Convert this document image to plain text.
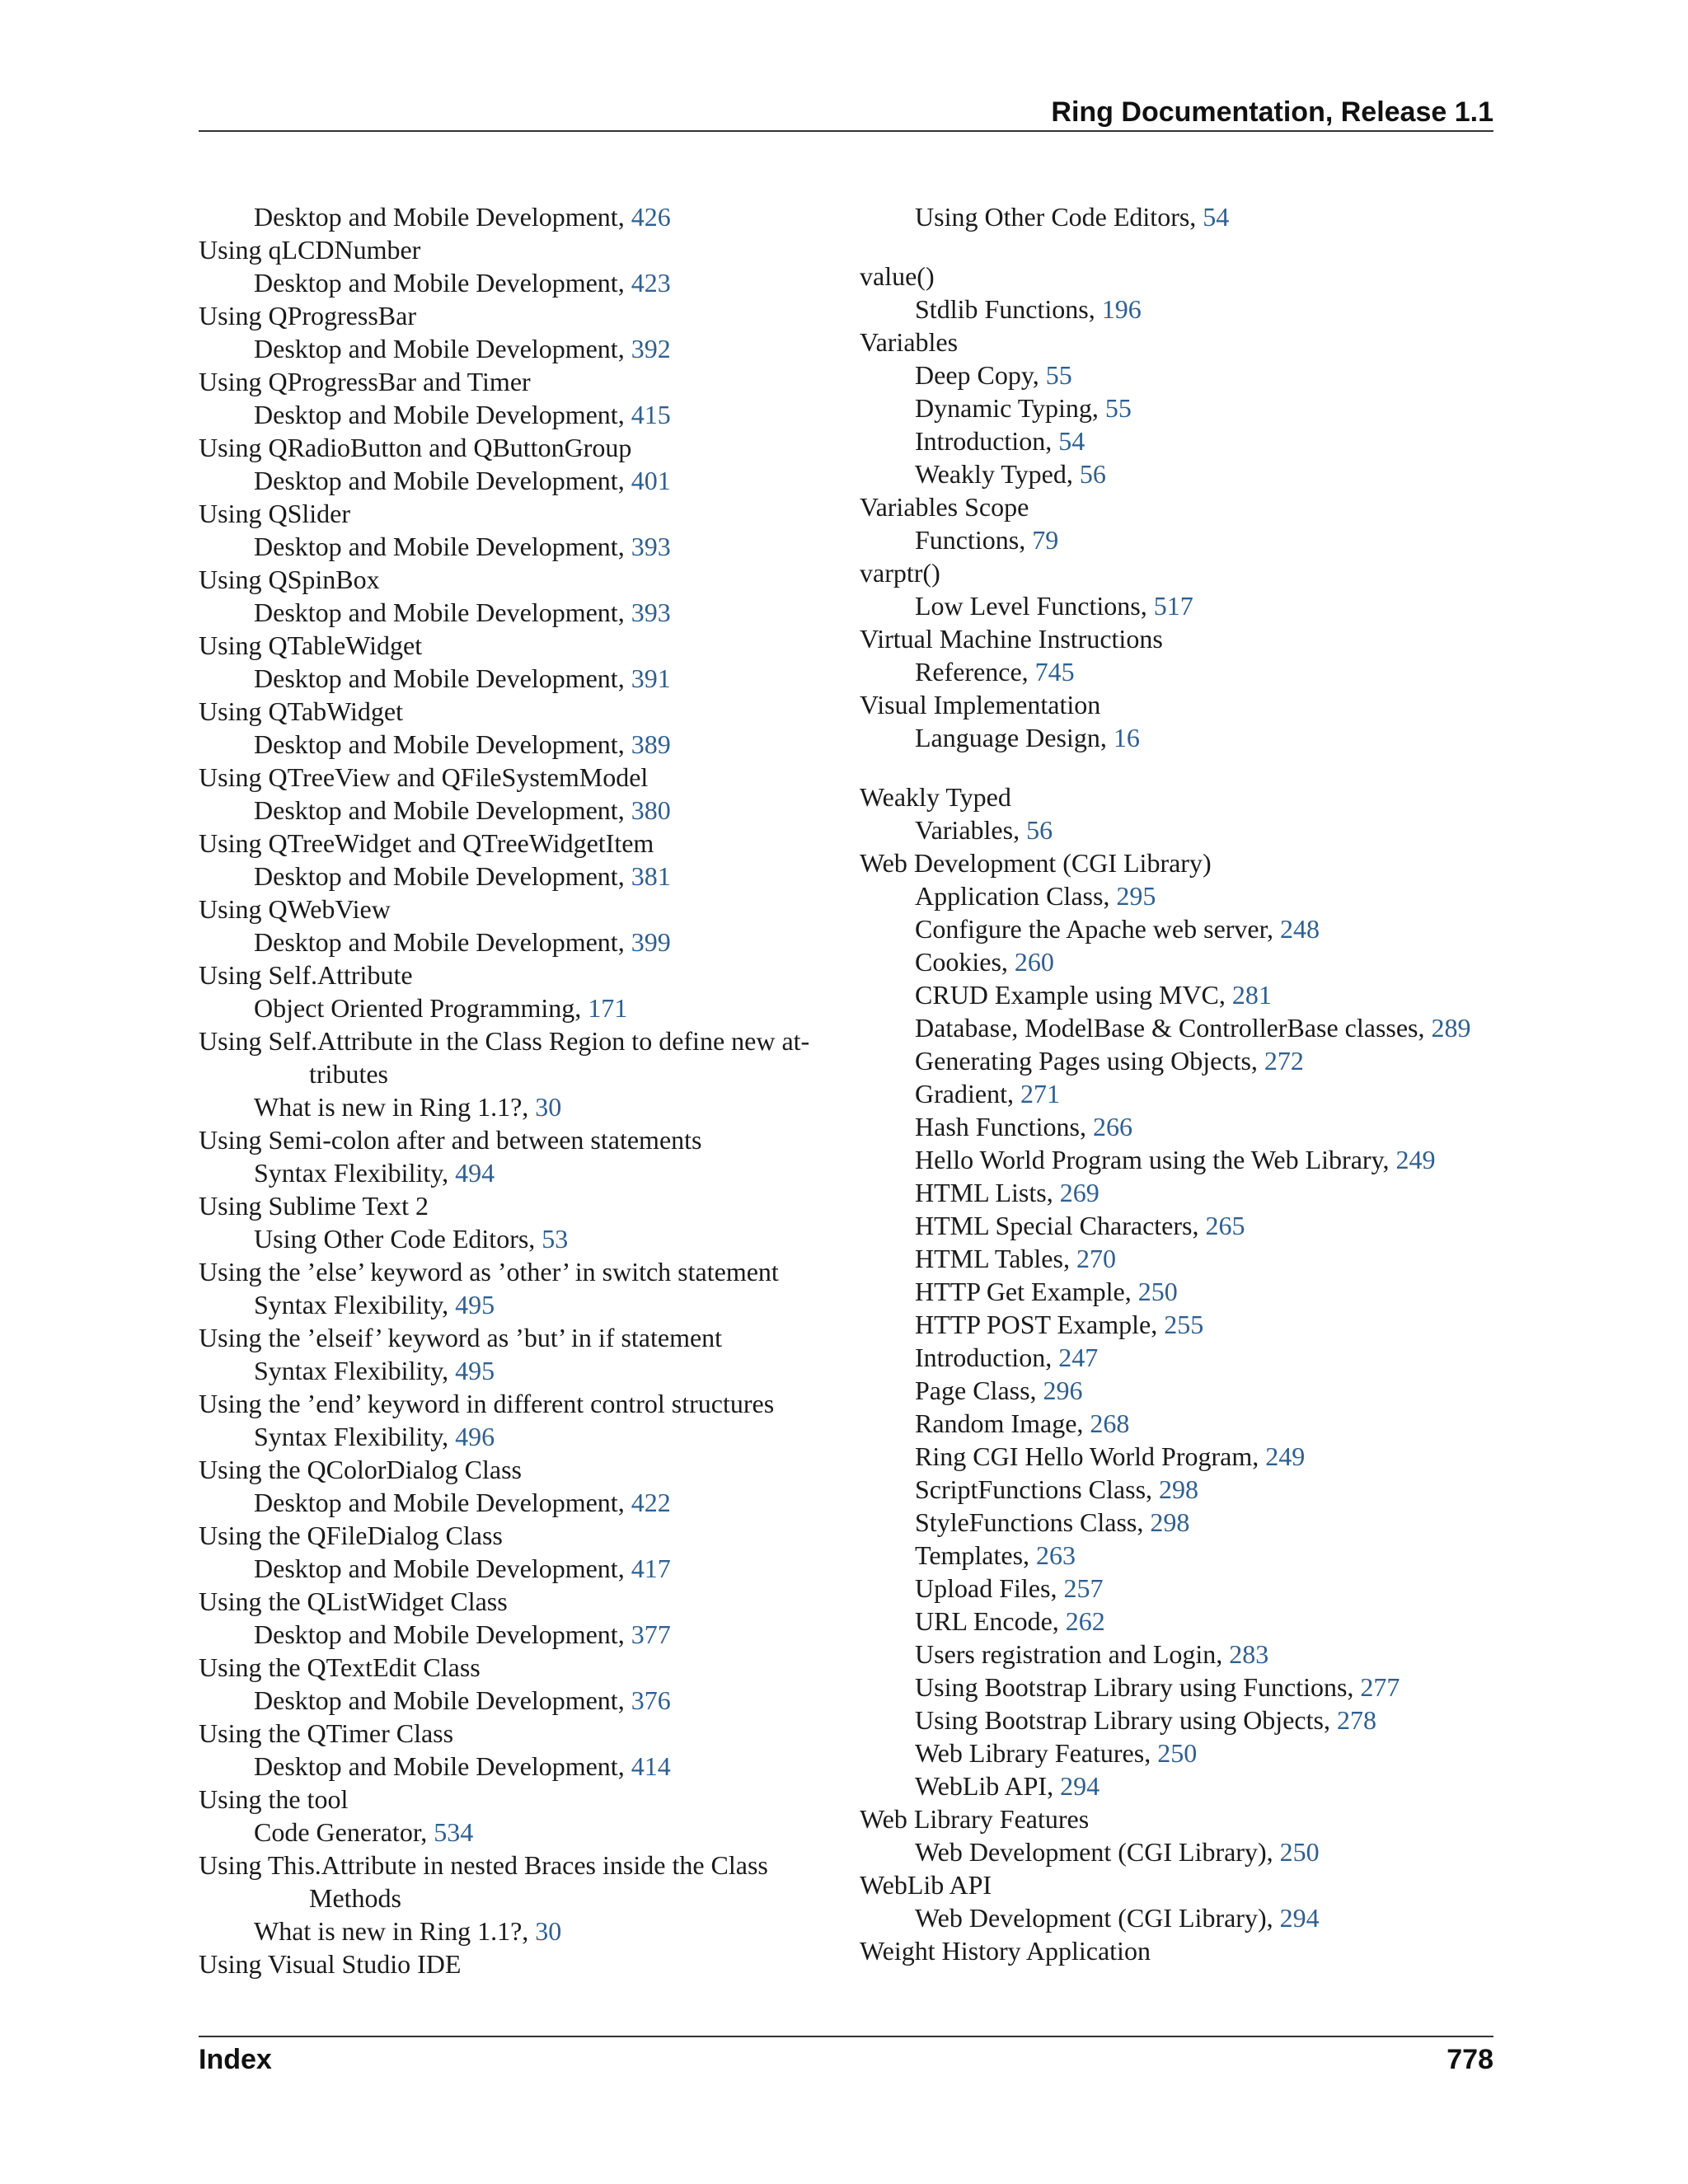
Ring Documentation, Release 1.1
Desktop and Mobile Development, 426
Using qLCDNumber
Desktop and Mobile Development, 423
Using QProgressBar
Desktop and Mobile Development, 392
Using QProgressBar and Timer
Desktop and Mobile Development, 415
Using QRadioButton and QButtonGroup
Desktop and Mobile Development, 401
Using QSlider
Desktop and Mobile Development, 393
Using QSpinBox
Desktop and Mobile Development, 393
Using QTableWidget
Desktop and Mobile Development, 391
Using QTabWidget
Desktop and Mobile Development, 389
Using QTreeView and QFileSystemModel
Desktop and Mobile Development, 380
Using QTreeWidget and QTreeWidgetItem
Desktop and Mobile Development, 381
Using QWebView
Desktop and Mobile Development, 399
Using Self.Attribute
Object Oriented Programming, 171
Using Self.Attribute in the Class Region to define new at-
tributes
What is new in Ring 1.1?, 30
Using Semi-colon after and between statements
Syntax Flexibility, 494
Using Sublime Text 2
Using Other Code Editors, 53
Using the ’else’ keyword as ’other’ in switch statement
Syntax Flexibility, 495
Using the ’elseif’ keyword as ’but’ in if statement
Syntax Flexibility, 495
Using the ’end’ keyword in different control structures
Syntax Flexibility, 496
Using the QColorDialog Class
Desktop and Mobile Development, 422
Using the QFileDialog Class
Desktop and Mobile Development, 417
Using the QListWidget Class
Desktop and Mobile Development, 377
Using the QTextEdit Class
Desktop and Mobile Development, 376
Using the QTimer Class
Desktop and Mobile Development, 414
Using the tool
Code Generator, 534
Using This.Attribute in nested Braces inside the Class
Methods
What is new in Ring 1.1?, 30
Using Visual Studio IDE
Using Other Code Editors, 54
value()
Stdlib Functions, 196
Variables
Deep Copy, 55
Dynamic Typing, 55
Introduction, 54
Weakly Typed, 56
Variables Scope
Functions, 79
varptr()
Low Level Functions, 517
Virtual Machine Instructions
Reference, 745
Visual Implementation
Language Design, 16
Weakly Typed
Variables, 56
Web Development (CGI Library)
Application Class, 295
Configure the Apache web server, 248
Cookies, 260
CRUD Example using MVC, 281
Database, ModelBase & ControllerBase classes, 289
Generating Pages using Objects, 272
Gradient, 271
Hash Functions, 266
Hello World Program using the Web Library, 249
HTML Lists, 269
HTML Special Characters, 265
HTML Tables, 270
HTTP Get Example, 250
HTTP POST Example, 255
Introduction, 247
Page Class, 296
Random Image, 268
Ring CGI Hello World Program, 249
ScriptFunctions Class, 298
StyleFunctions Class, 298
Templates, 263
Upload Files, 257
URL Encode, 262
Users registration and Login, 283
Using Bootstrap Library using Functions, 277
Using Bootstrap Library using Objects, 278
Web Library Features, 250
WebLib API, 294
Web Library Features
Web Development (CGI Library), 250
WebLib API
Web Development (CGI Library), 294
Weight History Application
Index	778
